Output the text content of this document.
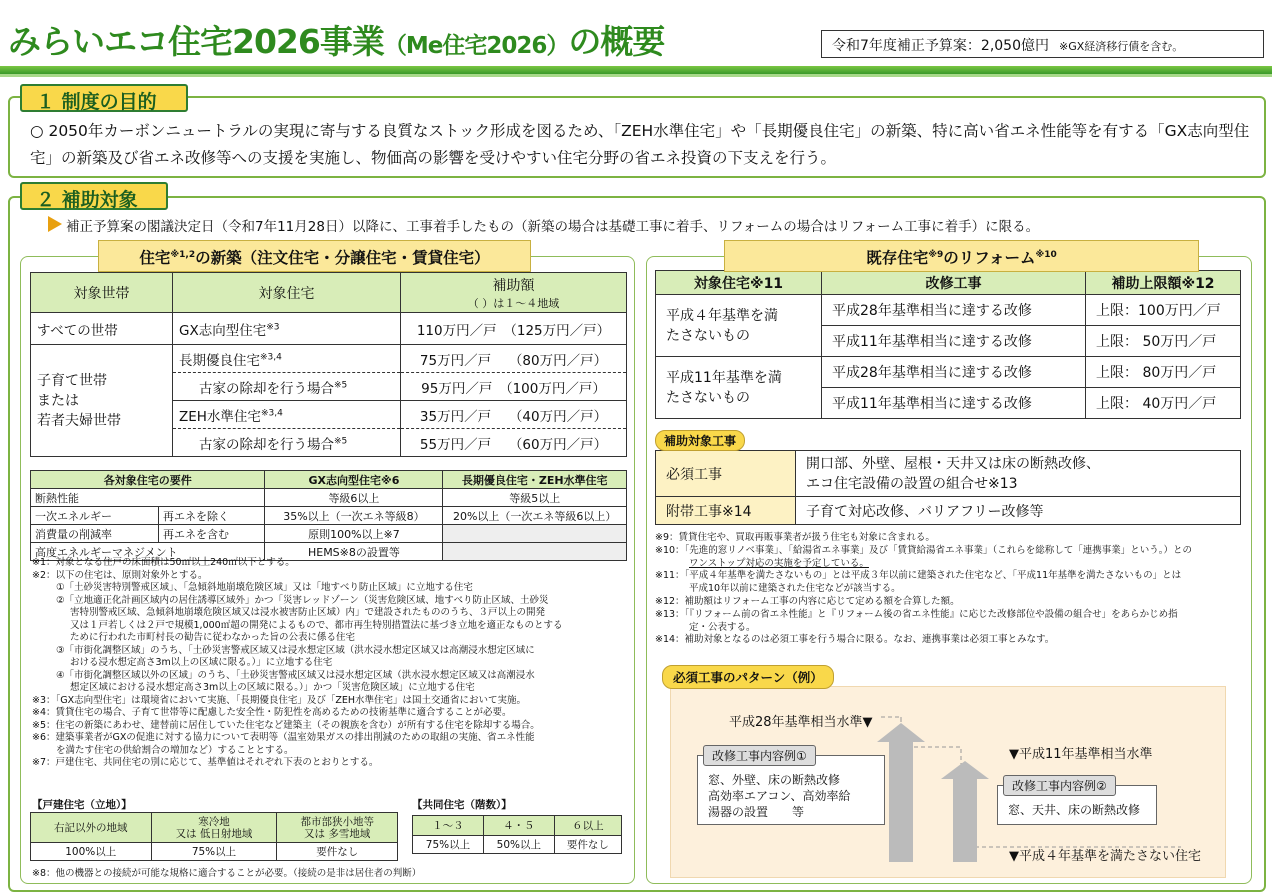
みらいエコ住宅2026事業（Me住宅2026）の概要	令和7年度補正予算案：2,050億円 ※GX経済移行債を含む。
１ 制度の目的
○ 2050年カーボンニュートラルの実現に寄与する良質なストック形成を図るため、「ZEH水準住宅」や「長期優良住宅」の新築、特に高い省エネ性能等を有する「GX志向型住宅」の新築及び省エネ改修等への支援を実施し、物価高の影響を受けやすい住宅分野の省エネ投資の下支えを行う。
２ 補助対象
補正予算案の閣議決定日（令和7年11月28日）以降に、工事着手したもの（新築の場合は基礎工事に着手、リフォームの場合はリフォーム工事に着手）に限る。
住宅$^{※1,2}$の新築（注文住宅・分譲住宅・賃貸住宅）
対象世帯	対象住宅	補助額
（ ）は１～４地域

すべての世帯	GX志向型住宅$^{※3}$	110万円／戸　（125万円／戸）
子育て世帯
または
若者夫婦世帯	長期優良住宅$^{※3,4}$	75万円／戸　 （80万円／戸）
	古家の除却を行う場合$^{※5}$	95万円／戸　（100万円／戸）
	ZEH水準住宅$^{※3,4}$	35万円／戸　 （40万円／戸）
	古家の除却を行う場合$^{※5}$	55万円／戸　 （60万円／戸）
各対象住宅の要件		GX志向型住宅※6	長期優良住宅・ZEH水準住宅
断熱性能		等級6以上	等級5以上
一次エネルギー	再エネを除く	35%以上（一次エネ等級8）	20%以上（一次エネ等級6以上）
消費量の削減率	再エネを含む	原則100%以上※7	
高度エネルギーマネジメント		HEMS※8の設置等	
※1：対象となる住戸の床面積は50㎡以上240㎡以下とする。
※2：以下の住宅は、原則対象外とする。
①「土砂災害特別警戒区域」、「急傾斜地崩壊危険区域」又は「地すべり防止区域」に立地する住宅
②「立地適正化計画区域内の居住誘導区域外」かつ「災害レッドゾーン（災害危険区域、地すべり防止区域、土砂災
害特別警戒区域、急傾斜地崩壊危険区域又は浸水被害防止区域）内」で建設されたもののうち、３戸以上の開発
又は１戸若しくは２戸で規模1,000㎡超の開発によるもので、都市再生特別措置法に基づき立地を適正なものとする
ために行われた市町村長の勧告に従わなかった旨の公表に係る住宅
③「市街化調整区域」のうち、「土砂災害警戒区域又は浸水想定区域（洪水浸水想定区域又は高潮浸水想定区域に
おける浸水想定高さ3m以上の区域に限る。）」に立地する住宅
④「市街化調整区域以外の区域」のうち、「土砂災害警戒区域又は浸水想定区域（洪水浸水想定区域又は高潮浸水
想定区域における浸水想定高さ3m以上の区域に限る。）」かつ「災害危険区域」に立地する住宅
※3：「GX志向型住宅」は環境省において実施、「長期優良住宅」及び「ZEH水準住宅」は国土交通省において実施。
※4：賃貸住宅の場合、子育て世帯等に配慮した安全性・防犯性を高めるための技術基準に適合することが必要。
※5：住宅の新築にあわせ、建替前に居住していた住宅など建築主（その親族を含む）が所有する住宅を除却する場合。
※6：建築事業者がGXの促進に対する協力について表明等（温室効果ガスの排出削減のための取組の実施、省エネ性能
を満たす住宅の供給割合の増加など）することとする。
※7：戸建住宅、共同住宅の別に応じて、基準値はそれぞれ下表のとおりとする。
【戸建住宅（立地）】
右記以外の地域	寒冷地
又は 低日射地域	都市部狭小地等
又は 多雪地域
100%以上	75%以上	要件なし
【共同住宅（階数）】
１～３	４・５	６以上
75%以上	50%以上	要件なし
※8：他の機器との接続が可能な規格に適合することが必要。（接続の是非は居住者の判断）
既存住宅$^{※9}$のリフォーム$^{※10}$
対象住宅※11	改修工事	補助上限額※12
平成４年基準を満
たさないもの	平成28年基準相当に達する改修	上限：100万円／戸
	平成11年基準相当に達する改修	上限： 50万円／戸
平成11年基準を満
たさないもの	平成28年基準相当に達する改修	上限： 80万円／戸
	平成11年基準相当に達する改修	上限： 40万円／戸
補助対象工事
必須工事	開口部、外壁、屋根・天井又は床の断熱改修、
エコ住宅設備の設置の組合せ※13
附帯工事※14	子育て対応改修、バリアフリー改修等
※9：賃貸住宅や、買取再販事業者が扱う住宅も対象に含まれる。
※10：「先進的窓リノベ事業」、「給湯省エネ事業」及び「賃貸給湯省エネ事業」（これらを総称して「連携事業」という。）との
ワンストップ対応の実施を予定している。
※11：「平成４年基準を満たさないもの」とは平成３年以前に建築された住宅など、「平成11年基準を満たさないもの」とは
平成10年以前に建築された住宅などが該当する。
※12：補助額はリフォーム工事の内容に応じて定める額を合算した額。
※13：「『リフォーム前の省エネ性能』と『リフォーム後の省エネ性能』に応じた改修部位や設備の組合せ」をあらかじめ指
定・公表する。
※14：補助対象となるのは必須工事を行う場合に限る。なお、連携事業は必須工事とみなす。
必須工事のパターン（例）
平成28年基準相当水準▼
▼平成11年基準相当水準
▼平成４年基準を満たさない住宅
改修工事内容例①
窓、外壁、床の断熱改修
高効率エアコン、高効率給
湯器の設置　　等
改修工事内容例②
窓、天井、床の断熱改修
